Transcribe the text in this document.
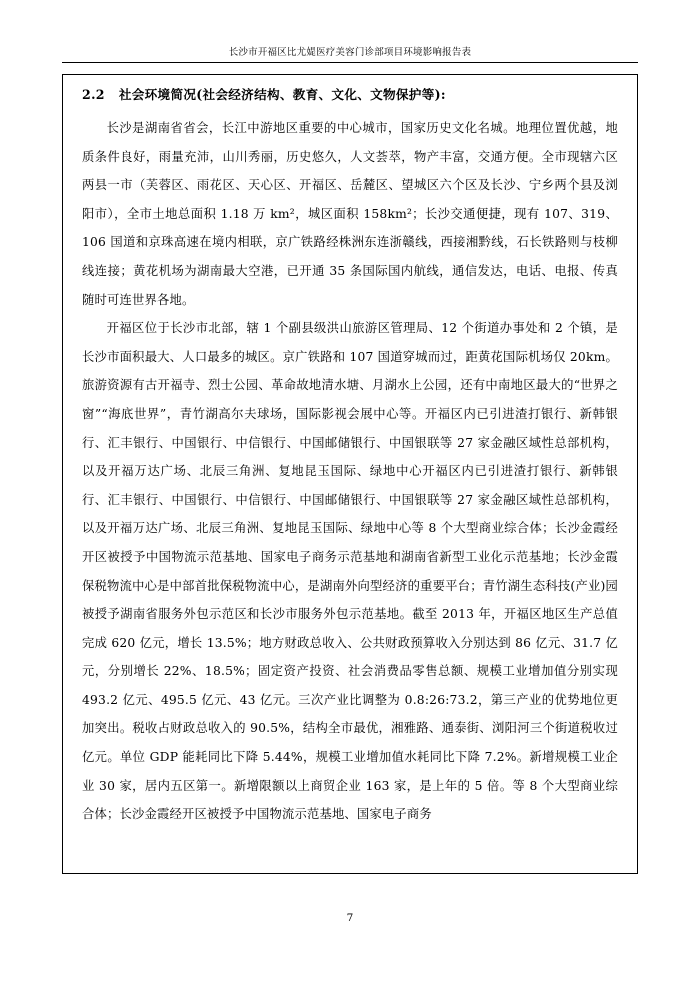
长沙市开福区比尤媞医疗美容门诊部项目环境影响报告表
2.2 社会环境简况(社会经济结构、教育、文化、文物保护等):

长沙是湖南省省会，长江中游地区重要的中心城市，国家历史文化名城。地理位置优越，地质条件良好，雨量充沛，山川秀丽，历史悠久，人文荟萃，物产丰富，交通方便。全市现辖六区两县一市（芙蓉区、雨花区、天心区、开福区、岳麓区、望城区六个区及长沙、宁乡两个县及浏阳市），全市土地总面积 1.18 万 km²，城区面积 158km²；长沙交通便捷，现有 107、319、106 国道和京珠高速在境内相联，京广铁路经株洲东连浙赣线，西接湘黔线，石长铁路则与枝柳线连接；黄花机场为湖南最大空港，已开通 35 条国际国内航线，通信发达，电话、电报、传真随时可连世界各地。

开福区位于长沙市北部，辖 1 个副县级洪山旅游区管理局、12 个街道办事处和 2 个镇，是长沙市面积最大、人口最多的城区。京广铁路和 107 国道穿城而过，距黄花国际机场仅 20km。旅游资源有古开福寺、烈士公园、革命故地清水塘、月湖水上公园，还有中南地区最大的“世界之窗”“海底世界”，青竹湖高尔夫球场，国际影视会展中心等。开福区内已引进渣打银行、新韩银行、汇丰银行、中国银行、中信银行、中国邮储银行、中国银联等 27 家金融区域性总部机构，以及开福万达广场、北辰三角洲、复地昆玉国际、绿地中心开福区内已引进渣打银行、新韩银行、汇丰银行、中国银行、中信银行、中国邮储银行、中国银联等 27 家金融区域性总部机构，以及开福万达广场、北辰三角洲、复地昆玉国际、绿地中心等 8 个大型商业综合体；长沙金霞经开区被授予中国物流示范基地、国家电子商务示范基地和湖南省新型工业化示范基地；长沙金霞保税物流中心是中部首批保税物流中心，是湖南外向型经济的重要平台；青竹湖生态科技(产业)园被授予湖南省服务外包示范区和长沙市服务外包示范基地。截至 2013 年，开福区地区生产总值完成 620 亿元，增长 13.5%；地方财政总收入、公共财政预算收入分别达到 86 亿元、31.7 亿元，分别增长 22%、18.5%；固定资产投资、社会消费品零售总额、规模工业增加值分别实现 493.2 亿元、495.5 亿元、43 亿元。三次产业比调整为 0.8:26:73.2，第三产业的优势地位更加突出。税收占财政总收入的 90.5%，结构全市最优，湘雅路、通泰街、浏阳河三个街道税收过亿元。单位 GDP 能耗同比下降 5.44%，规模工业增加值水耗同比下降 7.2%。新增规模工业企业 30 家，居内五区第一。新增限额以上商贸企业 163 家，是上年的 5 倍。等 8 个大型商业综合体；长沙金霞经开区被授予中国物流示范基地、国家电子商务

7
